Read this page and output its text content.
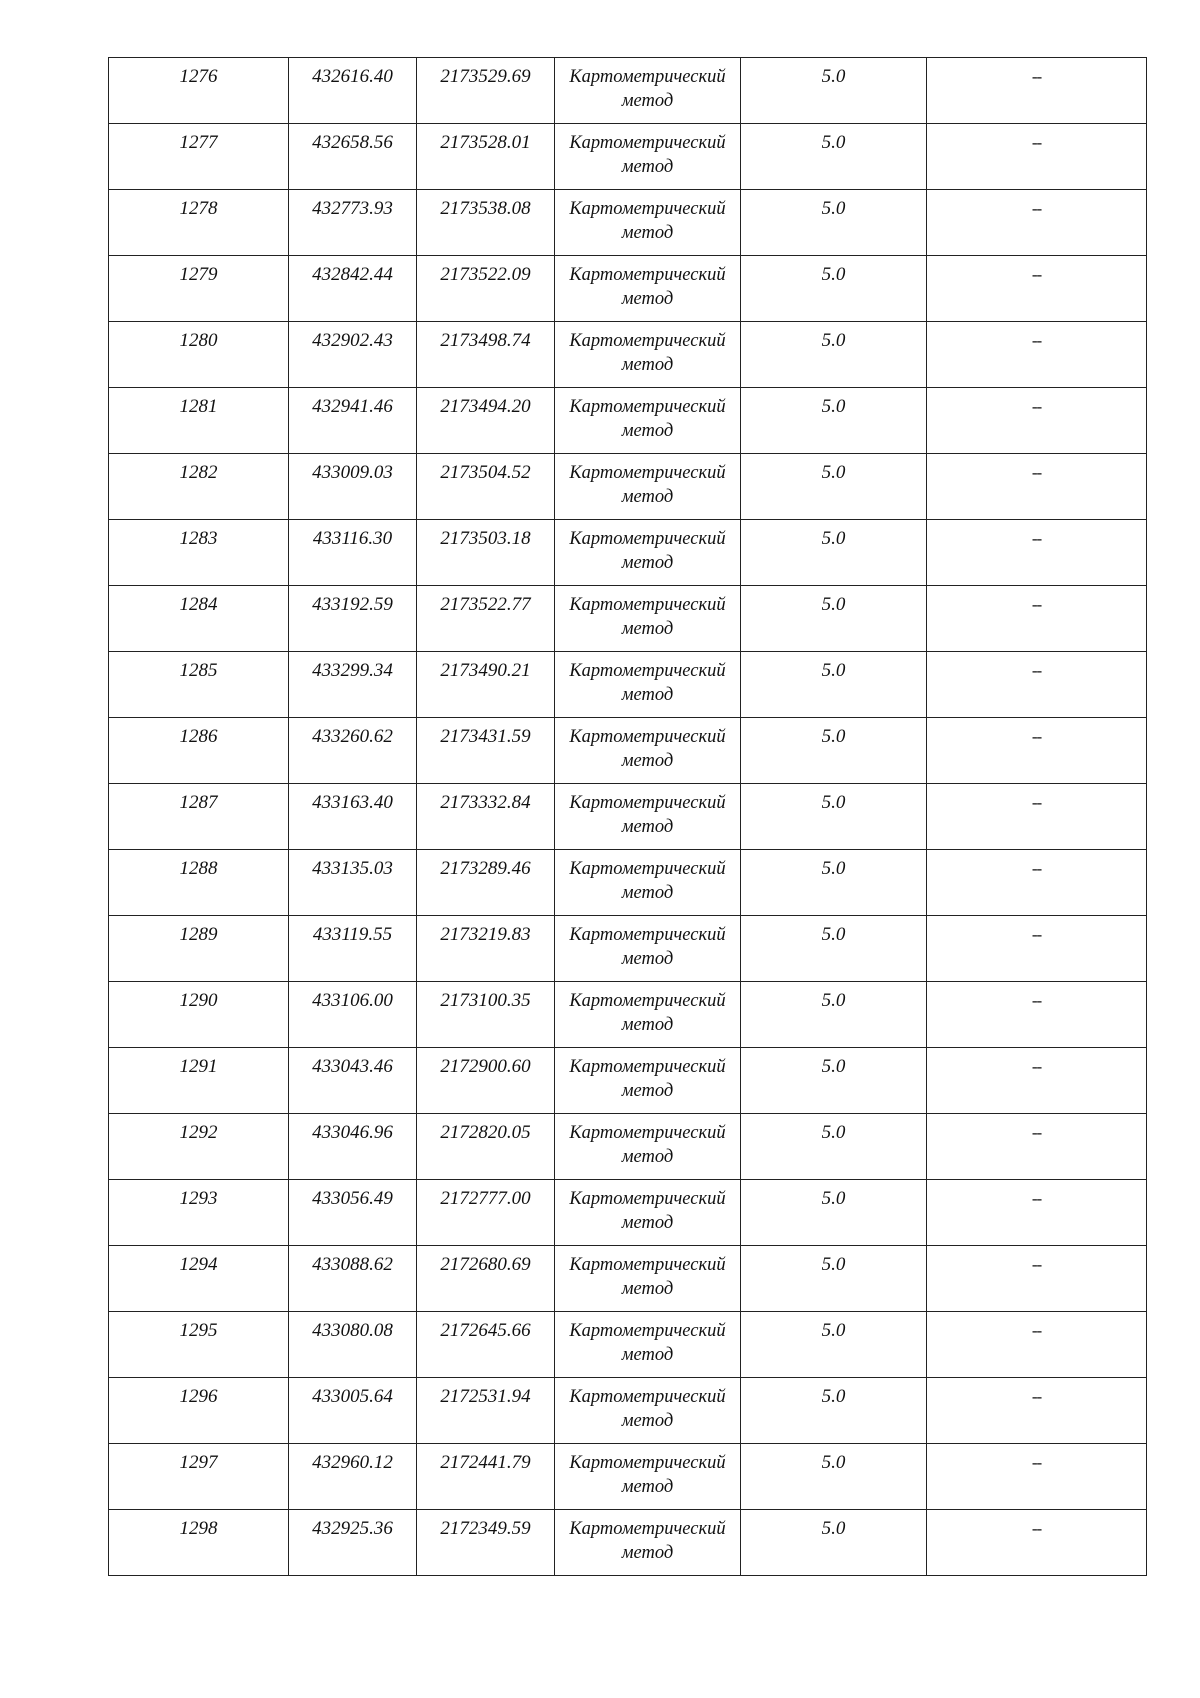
1276	432616.40	2173529.69	Картометрический
метод	5.0	--
1277	432658.56	2173528.01	Картометрический
метод	5.0	--
1278	432773.93	2173538.08	Картометрический
метод	5.0	--
1279	432842.44	2173522.09	Картометрический
метод	5.0	--
1280	432902.43	2173498.74	Картометрический
метод	5.0	--
1281	432941.46	2173494.20	Картометрический
метод	5.0	--
1282	433009.03	2173504.52	Картометрический
метод	5.0	--
1283	433116.30	2173503.18	Картометрический
метод	5.0	--
1284	433192.59	2173522.77	Картометрический
метод	5.0	--
1285	433299.34	2173490.21	Картометрический
метод	5.0	--
1286	433260.62	2173431.59	Картометрический
метод	5.0	--
1287	433163.40	2173332.84	Картометрический
метод	5.0	--
1288	433135.03	2173289.46	Картометрический
метод	5.0	--
1289	433119.55	2173219.83	Картометрический
метод	5.0	--
1290	433106.00	2173100.35	Картометрический
метод	5.0	--
1291	433043.46	2172900.60	Картометрический
метод	5.0	--
1292	433046.96	2172820.05	Картометрический
метод	5.0	--
1293	433056.49	2172777.00	Картометрический
метод	5.0	--
1294	433088.62	2172680.69	Картометрический
метод	5.0	--
1295	433080.08	2172645.66	Картометрический
метод	5.0	--
1296	433005.64	2172531.94	Картометрический
метод	5.0	--
1297	432960.12	2172441.79	Картометрический
метод	5.0	--
1298	432925.36	2172349.59	Картометрический
метод	5.0	--
